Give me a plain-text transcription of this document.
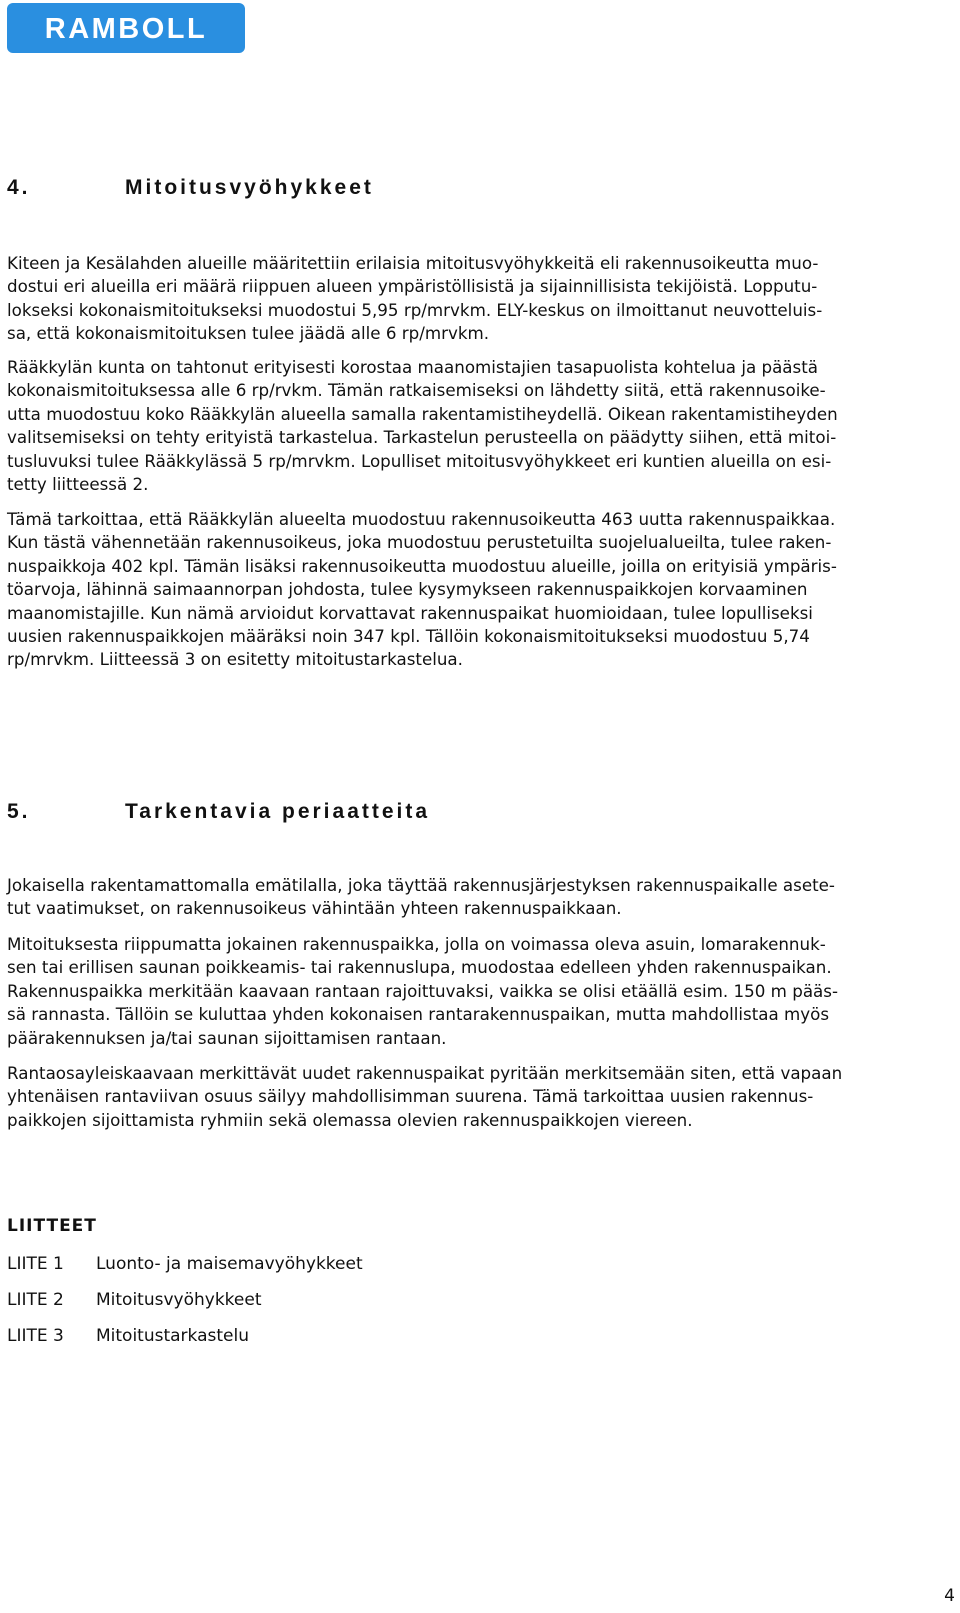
RAMBOLL
4.	Mitoitusvyöhykkeet

Kiteen ja Kesälahden alueille määritettiin erilaisia mitoitusvyöhykkeitä eli rakennusoikeutta muo-
dostui eri alueilla eri määrä riippuen alueen ympäristöllisistä ja sijainnillisista tekijöistä. Lopputu-
lokseksi kokonaismitoitukseksi muodostui 5,95 rp/mrvkm. ELY-keskus on ilmoittanut neuvotteluis-
sa, että kokonaismitoituksen tulee jäädä alle 6 rp/mrvkm.

Rääkkylän kunta on tahtonut erityisesti korostaa maanomistajien tasapuolista kohtelua ja päästä
kokonaismitoituksessa alle 6 rp/rvkm. Tämän ratkaisemiseksi on lähdetty siitä, että rakennusoike-
utta muodostuu koko Rääkkylän alueella samalla rakentamistiheydellä. Oikean rakentamistiheyden
valitsemiseksi on tehty erityistä tarkastelua. Tarkastelun perusteella on päädytty siihen, että mitoi-
tusluvuksi tulee Rääkkylässä 5 rp/mrvkm. Lopulliset mitoitusvyöhykkeet eri kuntien alueilla on esi-
tetty liitteessä 2.

Tämä tarkoittaa, että Rääkkylän alueelta muodostuu rakennusoikeutta 463 uutta rakennuspaikkaa.
Kun tästä vähennetään rakennusoikeus, joka muodostuu perustetuilta suojelualueilta, tulee raken-
nuspaikkoja 402 kpl. Tämän lisäksi rakennusoikeutta muodostuu alueille, joilla on erityisiä ympäris-
töarvoja, lähinnä saimaannorpan johdosta, tulee kysymykseen rakennuspaikkojen korvaaminen
maanomistajille. Kun nämä arvioidut korvattavat rakennuspaikat huomioidaan, tulee lopulliseksi
uusien rakennuspaikkojen määräksi noin 347 kpl. Tällöin kokonaismitoitukseksi muodostuu 5,74
rp/mrvkm. Liitteessä 3 on esitetty mitoitustarkastelua.

5.	Tarkentavia periaatteita

Jokaisella rakentamattomalla emätilalla, joka täyttää rakennusjärjestyksen rakennuspaikalle asete-
tut vaatimukset, on rakennusoikeus vähintään yhteen rakennuspaikkaan.

Mitoituksesta riippumatta jokainen rakennuspaikka, jolla on voimassa oleva asuin, lomarakennuk-
sen tai erillisen saunan poikkeamis- tai rakennuslupa, muodostaa edelleen yhden rakennuspaikan.
Rakennuspaikka merkitään kaavaan rantaan rajoittuvaksi, vaikka se olisi etäällä esim. 150 m pääs-
sä rannasta. Tällöin se kuluttaa yhden kokonaisen rantarakennuspaikan, mutta mahdollistaa myös
päärakennuksen ja/tai saunan sijoittamisen rantaan.

Rantaosayleiskaavaan merkittävät uudet rakennuspaikat pyritään merkitsemään siten, että vapaan
yhtenäisen rantaviivan osuus säilyy mahdollisimman suurena. Tämä tarkoittaa uusien rakennus-
paikkojen sijoittamista ryhmiin sekä olemassa olevien rakennuspaikkojen viereen.

LIITTEET
LIITE 1 Luonto- ja maisemavyöhykkeet
LIITE 2 Mitoitusvyöhykkeet
LIITE 3 Mitoitustarkastelu
4
